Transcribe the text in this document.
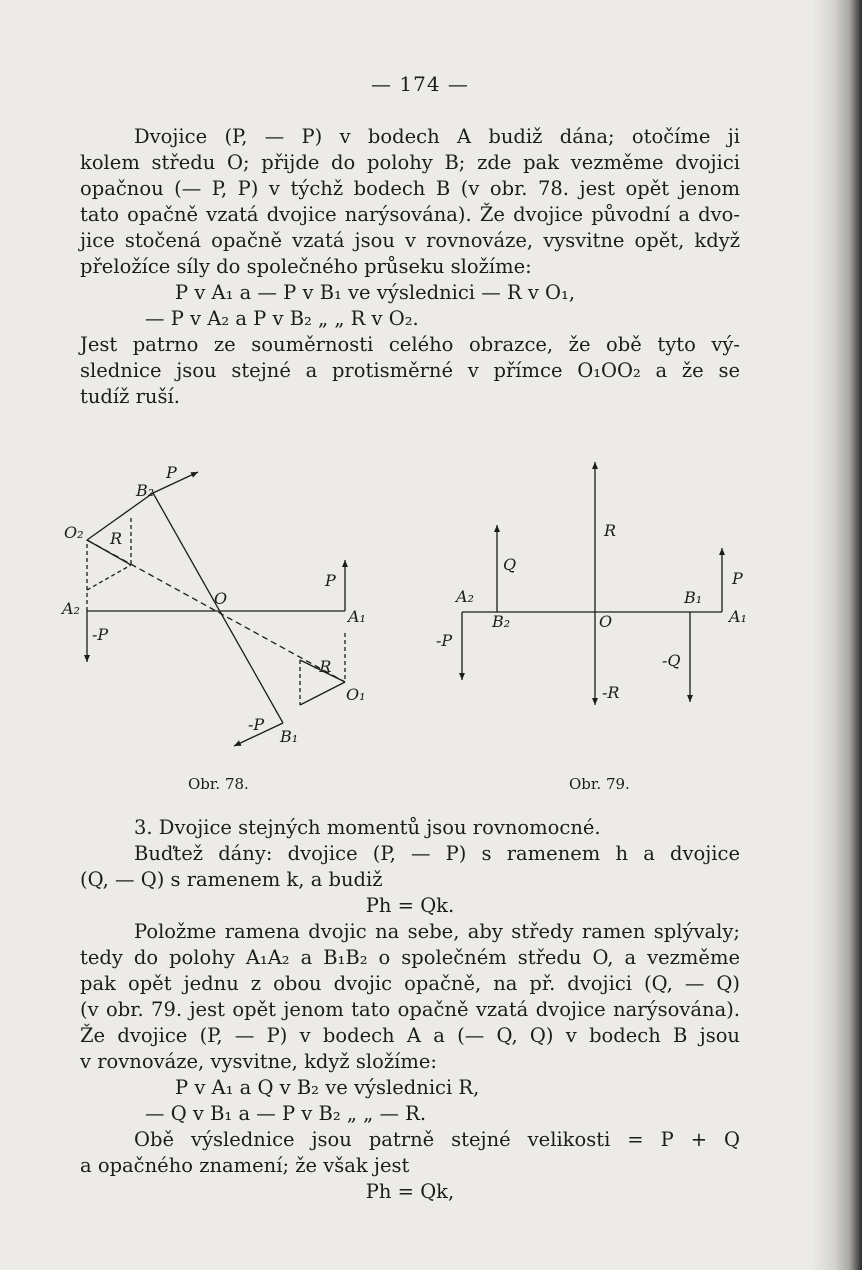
— 174 —
Dvojice (P, — P) v bodech A budiž dána; otočíme ji
kolem středu O; přijde do polohy B; zde pak vezměme dvojici
opačnou (— P, P) v týchž bodech B (v obr. 78. jest opět jenom
tato opačně vzatá dvojice narýsována). Že dvojice původní a dvo-
jice stočená opačně vzatá jsou v rovnováze, vysvitne opět, když
přeložíce síly do společného průseku složíme:
P v A₁ a — P v B₁ ve výslednici — R v O₁,
— P v A₂ a P v B₂ „ „ R v O₂.
Jest patrno ze souměrnosti celého obrazce, že obě tyto vý-
slednice jsou stejné a protisměrné v přímce O₁OO₂ a že se
tudíž ruší.
P
B₂
O₂ R
A₂
-P
O
P
A₁
-R
O₁
-P
B₁
R
Q
P
A₂
B₂	O
B₁
A₁
-P
-Q
-R
Obr. 78.	Obr. 79.
3. Dvojice stejných momentů jsou rovnomocné.
Buďtež dány: dvojice (P, — P) s ramenem h a dvojice
(Q, — Q) s ramenem k, a budiž
Ph = Qk.
Položme ramena dvojic na sebe, aby středy ramen splývaly;
tedy do polohy A₁A₂ a B₁B₂ o společném středu O, a vezměme
pak opět jednu z obou dvojic opačně, na př. dvojici (Q, — Q)
(v obr. 79. jest opět jenom tato opačně vzatá dvojice narýsována).
Že dvojice (P, — P) v bodech A a (— Q, Q) v bodech B jsou
v rovnováze, vysvitne, když složíme:
P v A₁ a Q v B₂ ve výslednici R,
— Q v B₁ a — P v B₂ „ „ — R.
Obě výslednice jsou patrně stejné velikosti = P + Q
a opačného znamení; že však jest
Ph = Qk,
